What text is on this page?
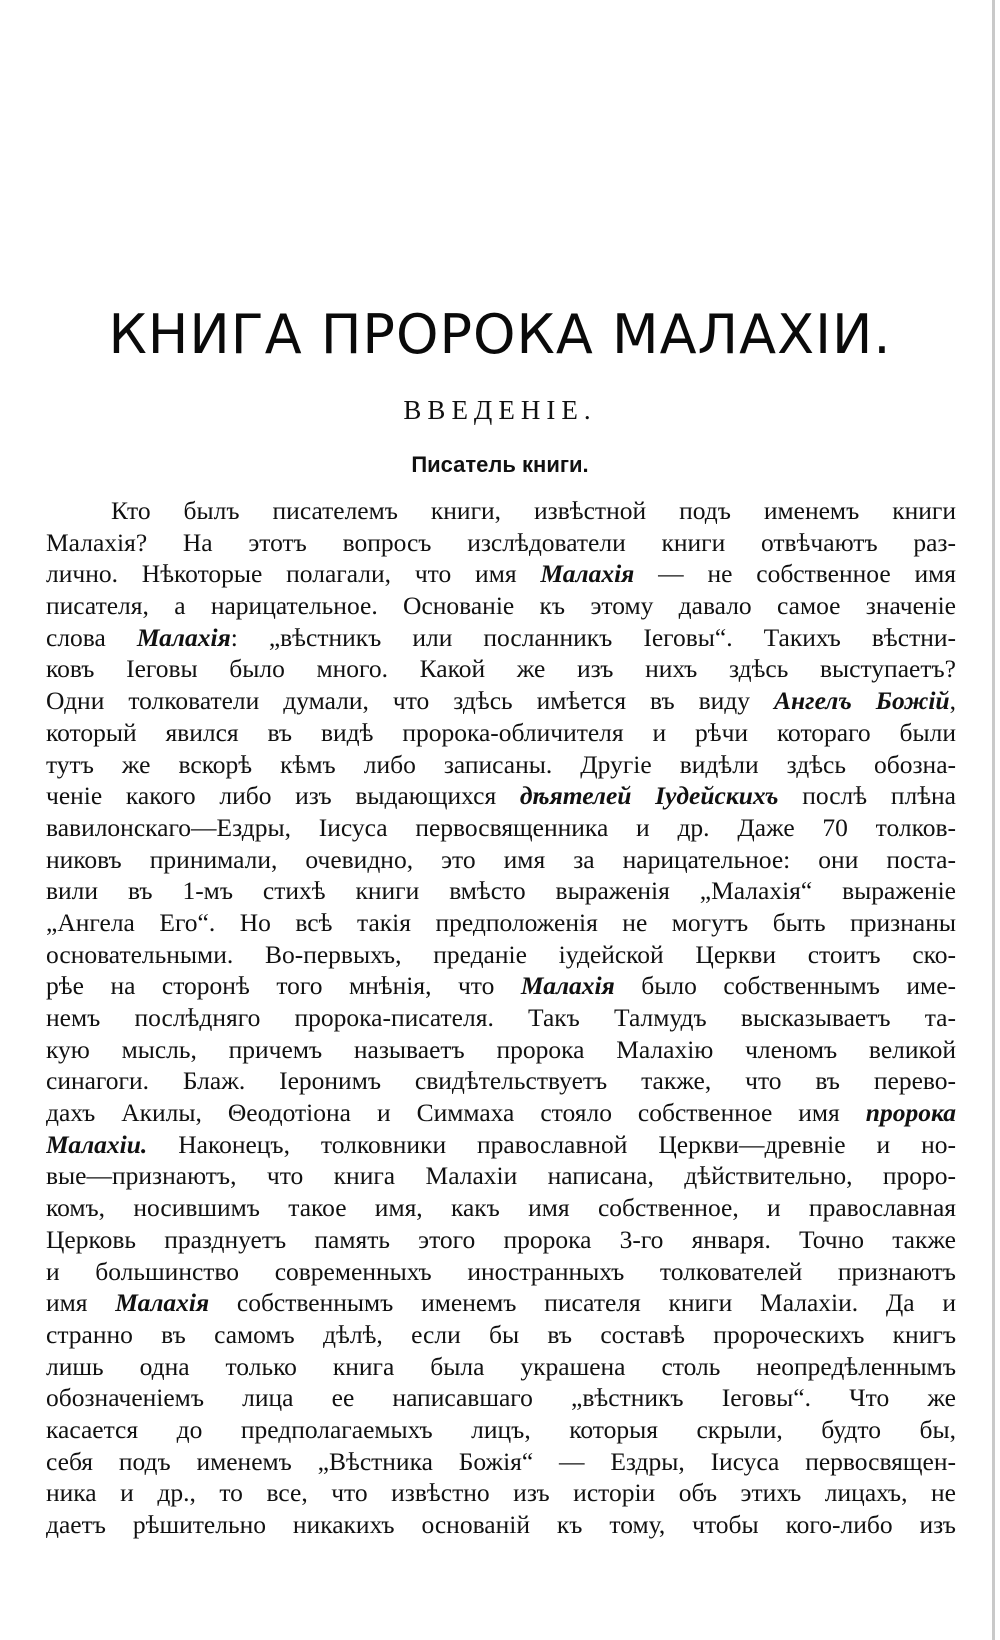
КНИГА ПРОРОКА МАЛАХIИ.
ВВЕДЕНIЕ.
Писатель книги.
Кто былъ писателемъ книги, извѣстной подъ именемъ книги
Малахiя? На этотъ вопросъ изслѣдователи книги отвѣчаютъ раз-
лично. Нѣкоторые полагали, что имя Малахiя — не собственное имя
писателя, а нарицательное. Основанiе къ этому давало самое значенiе
слова Малахiя: „вѣстникъ или посланникъ Iеговы“. Такихъ вѣстни-
ковъ Iеговы было много. Какой же изъ нихъ здѣсь выступаетъ?
Одни толкователи думали, что здѣсь имѣется въ виду Ангелъ Божiй,
который явился въ видѣ пророка-обличителя и рѣчи котораго были
тутъ же вскорѣ кѣмъ либо записаны. Другiе видѣли здѣсь обозна-
ченiе какого либо изъ выдающихся дѣятелей Iудейскихъ послѣ плѣна
вавилонскаго—Ездры, Iисуса первосвященника и др. Даже 70 толков-
никовъ принимали, очевидно, это имя за нарицательное: они поста-
вили въ 1-мъ стихѣ книги вмѣсто выраженiя „Малахiя“ выраженiе
„Ангела Его“. Но всѣ такiя предположенiя не могутъ быть признаны
основательными. Во-первыхъ, преданiе iудейской Церкви стоитъ ско-
рѣе на сторонѣ того мнѣнiя, что Малахiя было собственнымъ име-
немъ послѣдняго пророка-писателя. Такъ Талмудъ высказываетъ та-
кую мысль, причемъ называетъ пророка Малахiю членомъ великой
синагоги. Блаж. Iеронимъ свидѣтельствуетъ также, что въ перево-
дахъ Акилы, Θеодотiона и Симмаха стояло собственное имя пророка
Малахiи. Наконецъ, толковники православной Церкви—древнiе и но-
вые—признаютъ, что книга Малахiи написана, дѣйствительно, проро-
комъ, носившимъ такое имя, какъ имя собственное, и православная
Церковь празднуетъ память этого пророка 3-го января. Точно также
и большинство современныхъ иностранныхъ толкователей признаютъ
имя Малахiя собственнымъ именемъ писателя книги Малахiи. Да и
странно въ самомъ дѣлѣ, если бы въ составѣ пророческихъ книгъ
лишь одна только книга была украшена столь неопредѣленнымъ
обозначенiемъ лица ее написавшаго „вѣстникъ Iеговы“. Что же
касается до предполагаемыхъ лицъ, которыя скрыли, будто бы,
себя подъ именемъ „Вѣстника Божiя“ — Ездры, Iисуса первосвящен-
ника и др., то все, что извѣстно изъ исторiи объ этихъ лицахъ, не
даетъ рѣшительно никакихъ основанiй къ тому, чтобы кого-либо изъ
